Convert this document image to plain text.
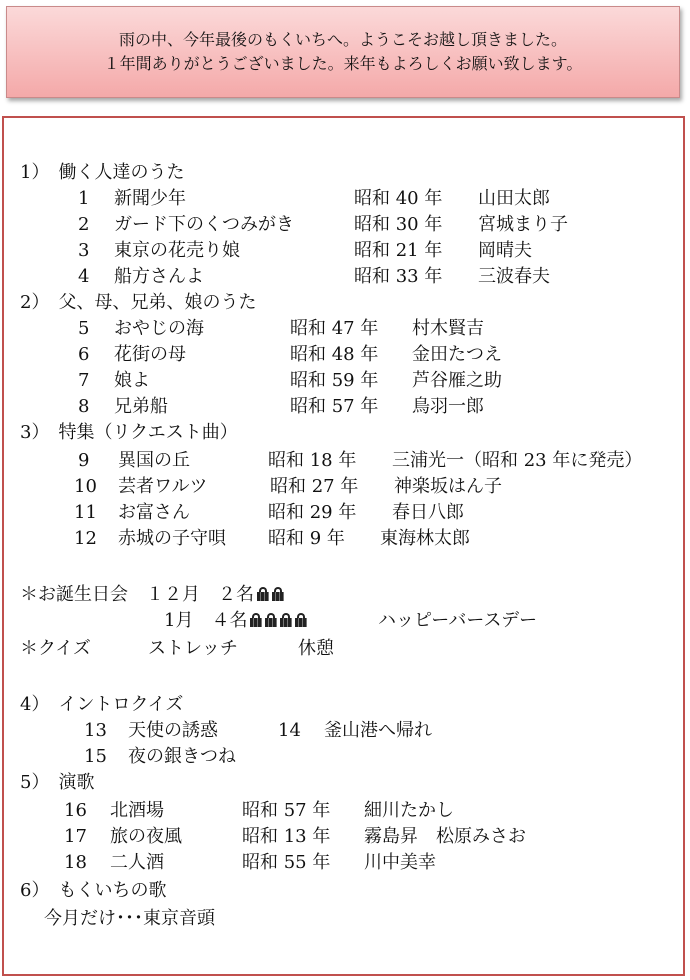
雨の中、今年最後のもくいちへ。ようこそお越し頂きました。
１年間ありがとうございました。来年もよろしくお願い致します。
1）　働く人達のうた
1 新聞少年	昭和 40 年 山田太郎
2 ガード下のくつみがき	昭和 30 年 宮城まり子
3 東京の花売り娘	昭和 21 年 岡晴夫
4 船方さんよ	昭和 33 年 三波春夫
2）　父、母、兄弟、娘のうた
5 おやじの海	昭和 47 年 村木賢吉
6 花街の母	昭和 48 年 金田たつえ
7 娘よ	昭和 59 年 芦谷雁之助
8 兄弟船	昭和 57 年 鳥羽一郎
3）　特集（リクエスト曲）
9 異国の丘	昭和 18 年 三浦光一（昭和 23 年に発売）
10 芸者ワルツ	昭和 27 年 神楽坂はん子
11 お富さん	昭和 29 年 春日八郎
12 赤城の子守唄 昭和 9 年 東海林太郎
＊お誕生日会　１２月　２名
1月　４名	ハッピーバースデー
＊クイズ	ストレッチ	休憩
4）　イントロクイズ
13 天使の誘惑	14 釜山港へ帰れ
15 夜の銀きつね
5）　演歌
16 北酒場	昭和 57 年 細川たかし
17 旅の夜風	昭和 13 年 霧島昇　松原みさお
18 二人酒	昭和 55 年 川中美幸
6）　もくいちの歌
今月だけ･･･東京音頭
